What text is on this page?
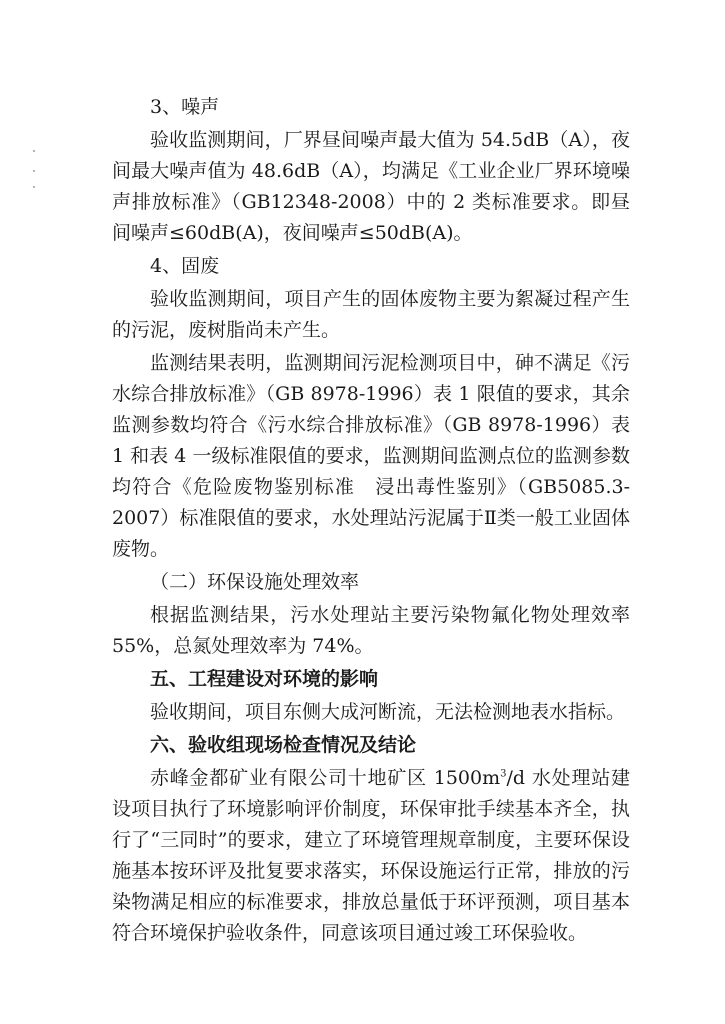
3、噪声

验收监测期间，厂界昼间噪声最大值为 54.5dB（A），夜间最大噪声值为 48.6dB（A），均满足《工业企业厂界环境噪声排放标准》（GB12348-2008）中的 2 类标准要求。即昼间噪声≤60dB(A)，夜间噪声≤50dB(A)。

4、固废

验收监测期间，项目产生的固体废物主要为絮凝过程产生的污泥，废树脂尚未产生。

监测结果表明，监测期间污泥检测项目中，砷不满足《污水综合排放标准》（GB 8978-1996）表 1 限值的要求，其余监测参数均符合《污水综合排放标准》（GB 8978-1996）表 1 和表 4 一级标准限值的要求，监测期间监测点位的监测参数均符合《危险废物鉴别标准　浸出毒性鉴别》（GB5085.3-2007）标准限值的要求，水处理站污泥属于Ⅱ类一般工业固体废物。

（二）环保设施处理效率

根据监测结果，污水处理站主要污染物氟化物处理效率 55%，总氮处理效率为 74%。

五、工程建设对环境的影响

验收期间，项目东侧大成河断流，无法检测地表水指标。

六、验收组现场检查情况及结论

赤峰金都矿业有限公司十地矿区 $1500m^3/d$ 水处理站建设项目执行了环境影响评价制度，环保审批手续基本齐全，执行了“三同时”的要求，建立了环境管理规章制度，主要环保设施基本按环评及批复要求落实，环保设施运行正常，排放的污染物满足相应的标准要求，排放总量低于环评预测，项目基本符合环境保护验收条件，同意该项目通过竣工环保验收。
